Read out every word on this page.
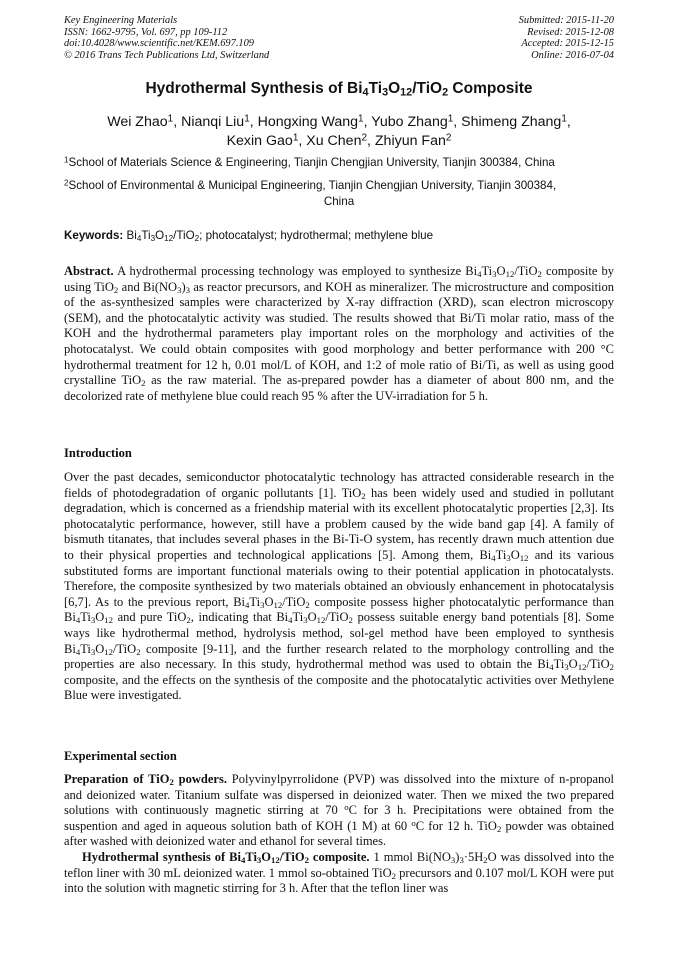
Key Engineering Materials
ISSN: 1662-9795, Vol. 697, pp 109-112
doi:10.4028/www.scientific.net/KEM.697.109
© 2016 Trans Tech Publications Ltd, Switzerland
Submitted: 2015-11-20
Revised: 2015-12-08
Accepted: 2015-12-15
Online: 2016-07-04
Hydrothermal Synthesis of $Bi_4Ti_3O_{12}/TiO_2$ Composite
Wei Zhao$^1$, Nianqi Liu$^1$, Hongxing Wang$^1$, Yubo Zhang$^1$, Shimeng Zhang$^1$,
Kexin Gao$^1$, Xu Chen$^2$, Zhiyun Fan$^2$
$^1$School of Materials Science & Engineering, Tianjin Chengjian University, Tianjin 300384, China
$^2$School of Environmental & Municipal Engineering, Tianjin Chengjian University, Tianjin 300384,
China
Keywords: $Bi_4Ti_3O_{12}/TiO_2$; photocatalyst; hydrothermal; methylene blue
Abstract. A hydrothermal processing technology was employed to synthesize $Bi_4Ti_3O_{12}/TiO_2$ composite by using TiO$_2$ and $Bi(NO_3)_3$ as reactor precursors, and KOH as mineralizer. The microstructure and composition of the as-synthesized samples were characterized by X-ray diffraction (XRD), scan electron microscopy (SEM), and the photocatalytic activity was studied. The results showed that Bi/Ti molar ratio, mass of the KOH and the hydrothermal parameters play important roles on the morphology and activities of the photocatalyst. We could obtain composites with good morphology and better performance with 200 °C hydrothermal treatment for 12 h, 0.01 mol/L of KOH, and 1:2 of mole ratio of Bi/Ti, as well as using good crystalline TiO$_2$ as the raw material. The as-prepared powder has a diameter of about 800 nm, and the decolorized rate of methylene blue could reach 95 % after the UV-irradiation for 5 h.
Introduction
Over the past decades, semiconductor photocatalytic technology has attracted considerable research in the fields of photodegradation of organic pollutants [1]. TiO$_2$ has been widely used and studied in pollutant degradation, which is concerned as a friendship material with its excellent photocatalytic properties [2,3]. Its photocatalytic performance, however, still have a problem caused by the wide band gap [4]. A family of bismuth titanates, that includes several phases in the Bi-Ti-O system, has recently drawn much attention due to their physical properties and technological applications [5]. Among them, $Bi_4Ti_3O_{12}$ and its various substituted forms are important functional materials owing to their potential application in photocatalysts. Therefore, the composite synthesized by two materials obtained an obviously enhancement in photocatalysis [6,7]. As to the previous report, $Bi_4Ti_3O_{12}/TiO_2$ composite possess higher photocatalytic performance than $Bi_4Ti_3O_{12}$ and pure TiO$_2$, indicating that $Bi_4Ti_3O_{12}/TiO_2$ possess suitable energy band potentials [8]. Some ways like hydrothermal method, hydrolysis method, sol-gel method have been employed to synthesis $Bi_4Ti_3O_{12}/TiO_2$ composite [9-11], and the further research related to the morphology controlling and the properties are also necessary. In this study, hydrothermal method was used to obtain the $Bi_4Ti_3O_{12}/TiO_2$ composite, and the effects on the synthesis of the composite and the photocatalytic activities over Methylene Blue were investigated.
Experimental section

Preparation of TiO$_2$ powders. Polyvinylpyrrolidone (PVP) was dissolved into the mixture of n-propanol and deionized water. Titanium sulfate was dispersed in deionized water. Then we mixed the two prepared solutions with continuously magnetic stirring at 70 $^o$C for 3 h. Precipitations were obtained from the suspention and aged in aqueous solution bath of KOH (1 M) at 60 $^o$C for 12 h. TiO$_2$ powder was obtained after washed with deionized water and ethanol for several times.

Hydrothermal synthesis of $Bi_4Ti_3O_{12}/TiO_2$ composite. 1 mmol $Bi(NO_3)_3\cdot 5H_2O$ was dissolved into the teflon liner with 30 mL deionized water. 1 mmol so-obtained TiO$_2$ precursors and 0.107 mol/L KOH were put into the solution with magnetic stirring for 3 h. After that the teflon liner was
